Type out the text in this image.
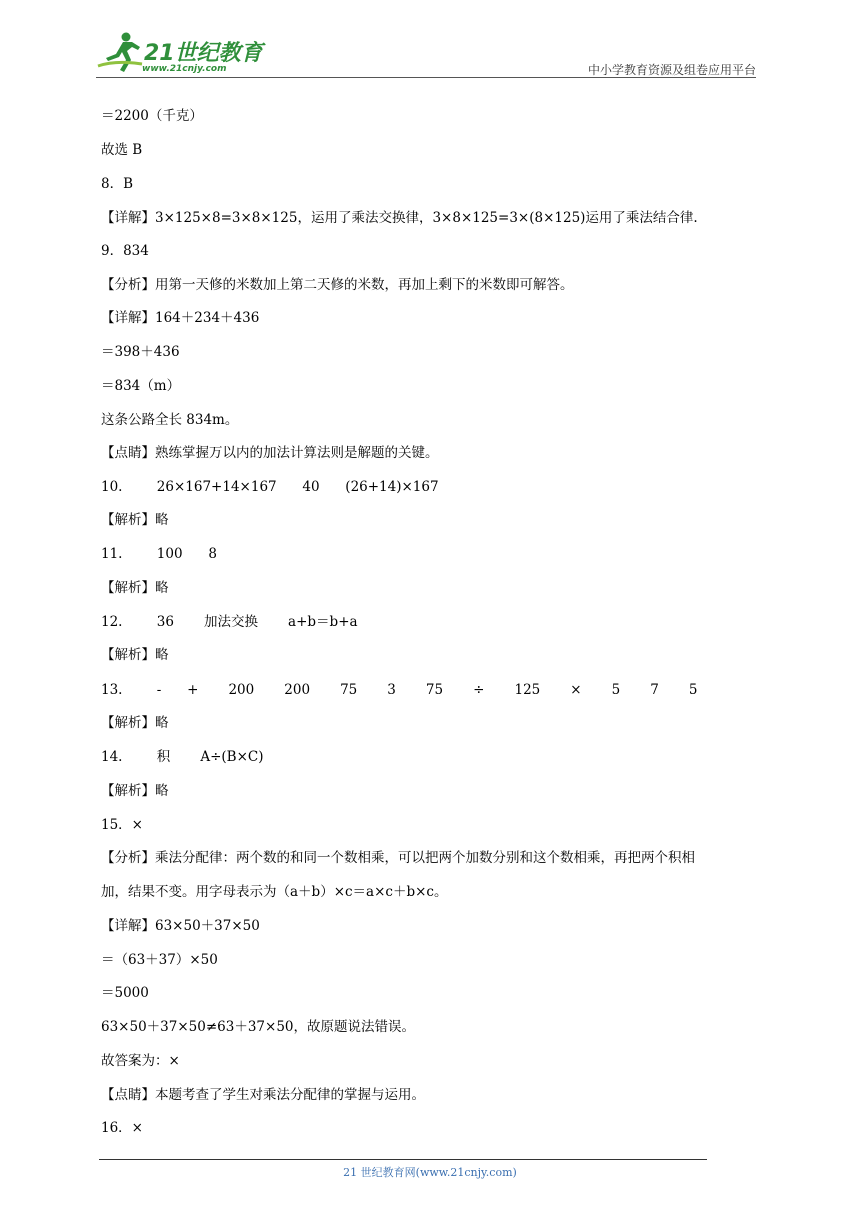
21世纪教育
www.21cnjy.com	中小学教育资源及组卷应用平台
＝2200（千克）
故选 B
8．B
【详解】3×125×8=3×8×125，运用了乘法交换律，3×8×125=3×(8×125)运用了乘法结合律.
9．834
【分析】用第一天修的米数加上第二天修的米数，再加上剩下的米数即可解答。
【详解】164＋234＋436
＝398＋436
＝834（m）
这条公路全长 834m。
【点睛】熟练掌握万以内的加法计算法则是解题的关键。
10.        26×167+14×167      40      (26+14)×167
【解析】略
11.        100      8
【解析】略
12.        36       加法交换       a+b＝b+a
【解析】略
13.        -      +       200       200       75       3       75       ÷       125       ×       5       7       5
【解析】略
14.        积       A÷(B×C)
【解析】略
15．×
【分析】乘法分配律：两个数的和同一个数相乘，可以把两个加数分别和这个数相乘，再把两个积相
加，结果不变。用字母表示为（a＋b）×c＝a×c＋b×c。
【详解】63×50＋37×50
＝（63＋37）×50
＝5000
63×50＋37×50≠63＋37×50，故原题说法错误。
故答案为：×
【点睛】本题考查了学生对乘法分配律的掌握与运用。
16．×
21 世纪教育网(www.21cnjy.com)
